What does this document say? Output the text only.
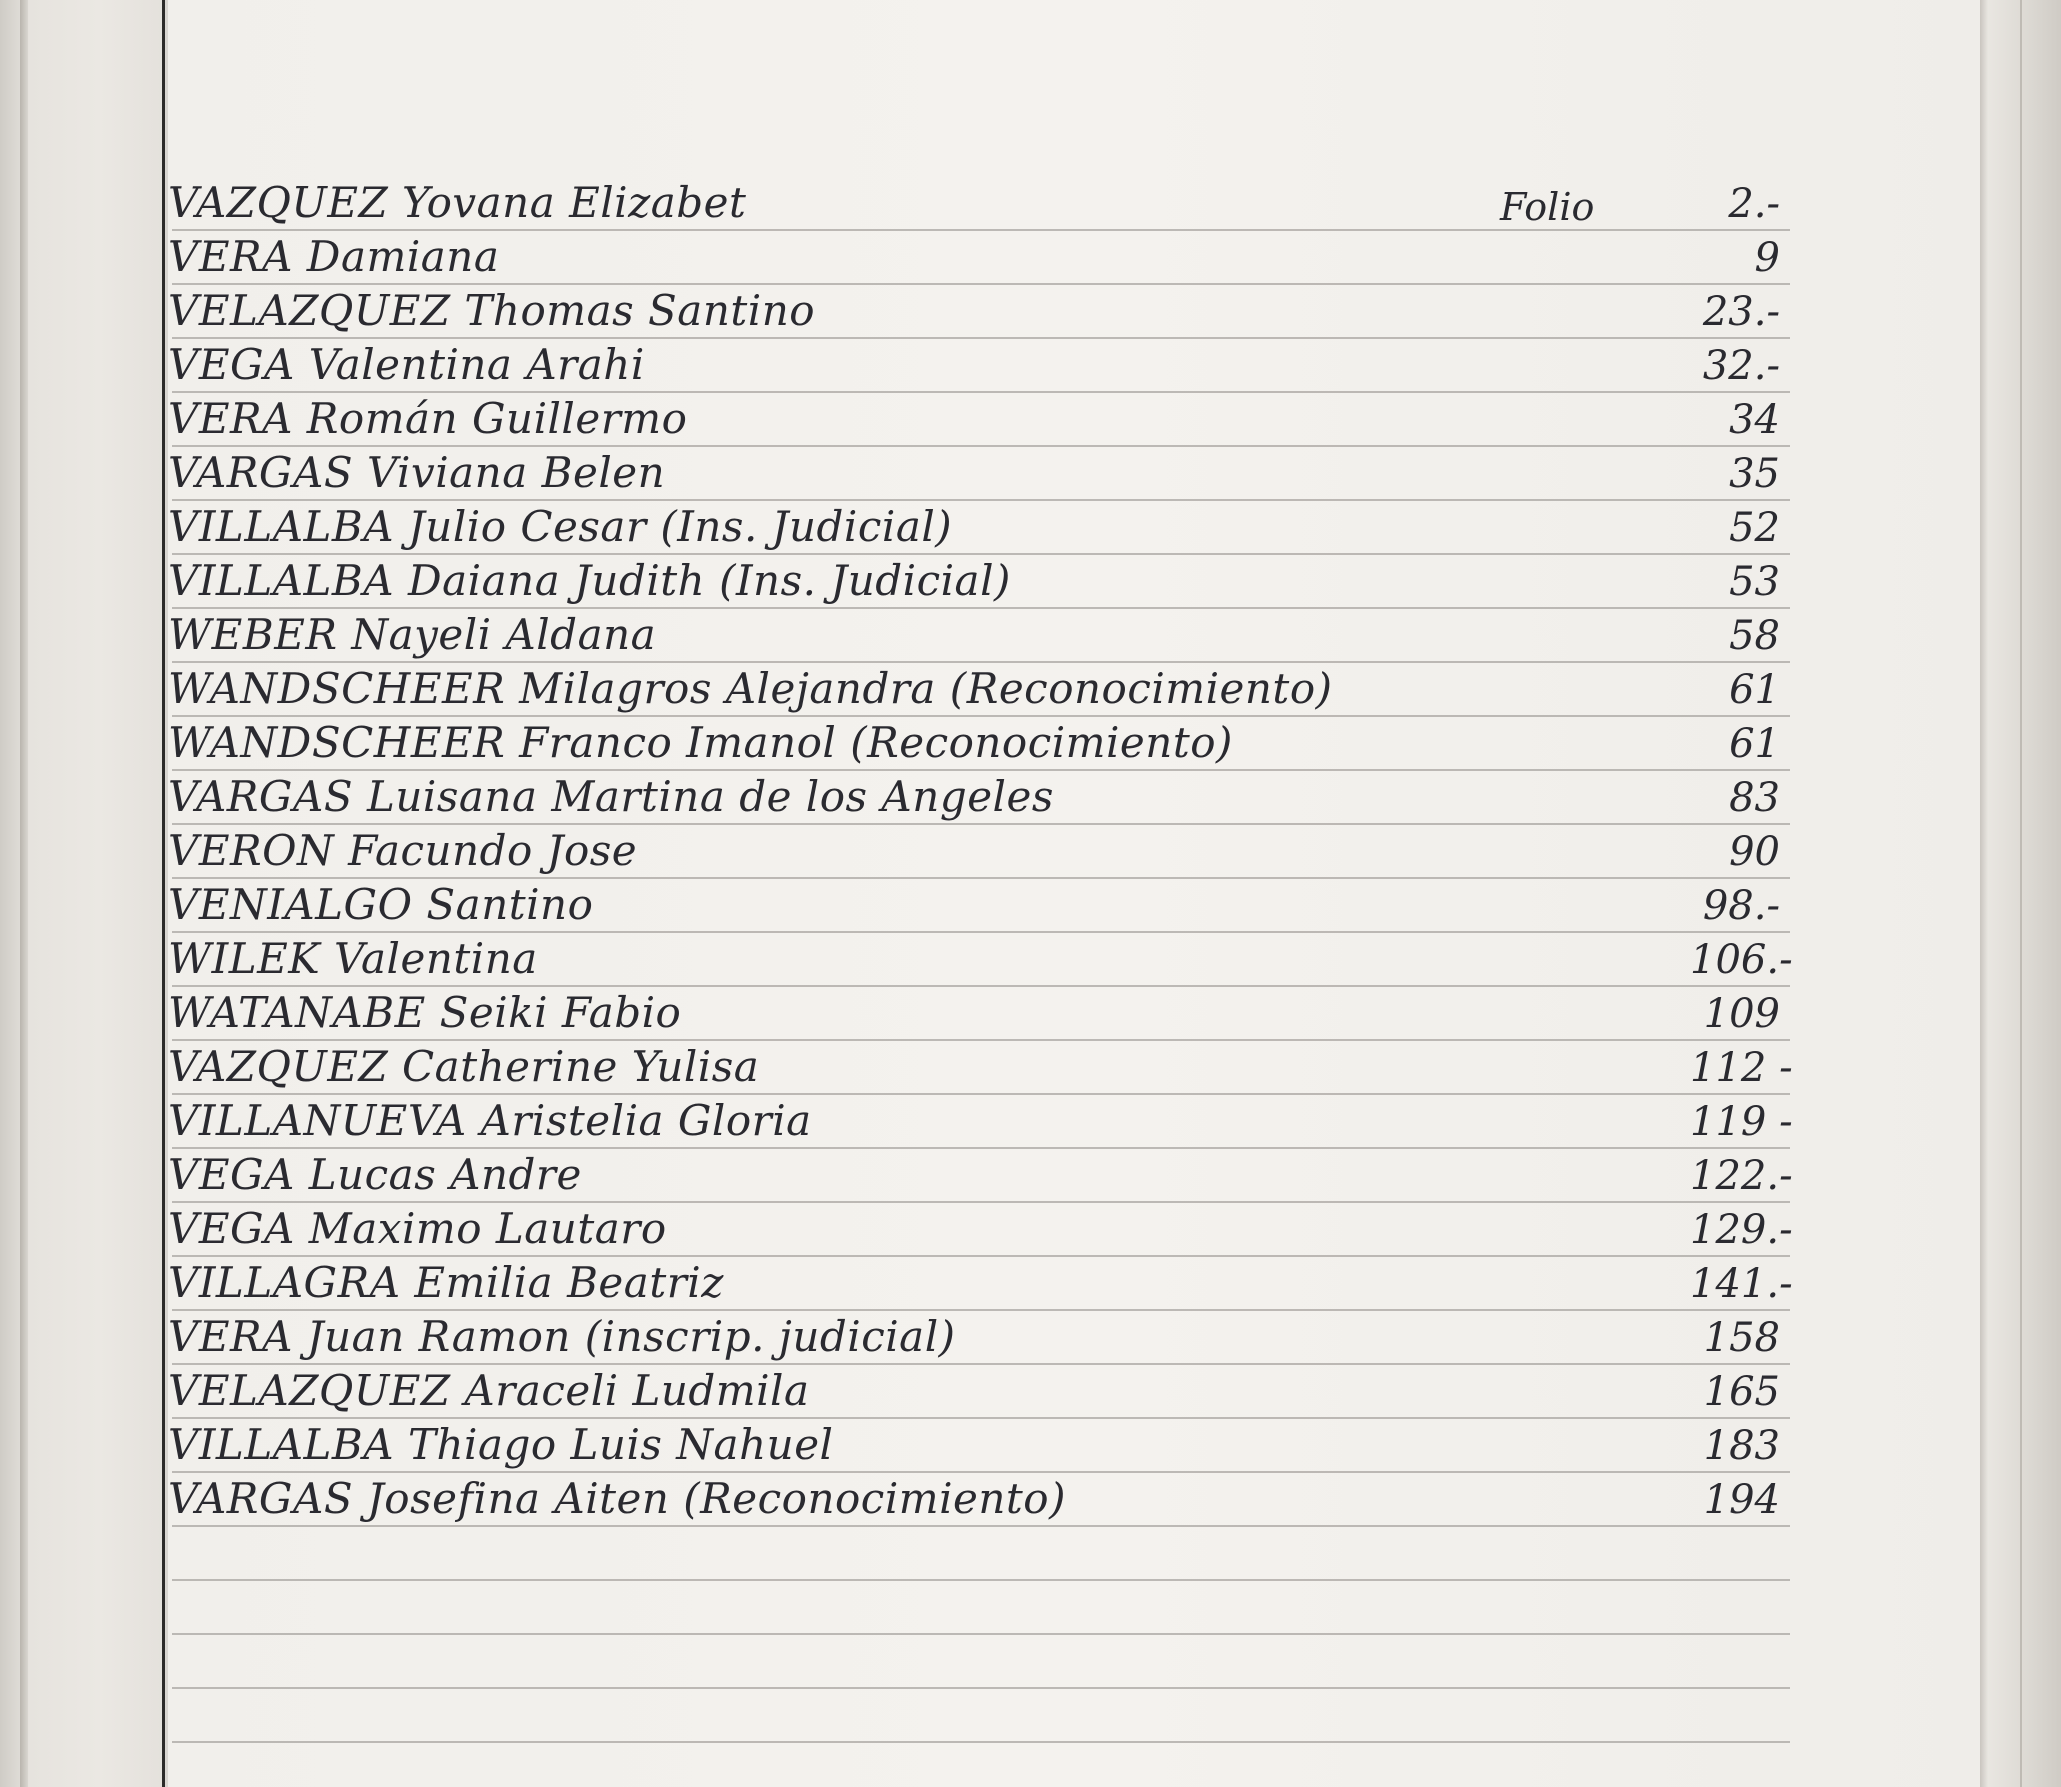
Folio
VAZQUEZ Yovana Elizabet	2.-
VERA Damiana	9
VELAZQUEZ Thomas Santino	23.-
VEGA Valentina Arahi	32.-
VERA Román Guillermo	34
VARGAS Viviana Belen	35
VILLALBA Julio Cesar (Ins. Judicial)	52
VILLALBA Daiana Judith (Ins. Judicial)	53
WEBER Nayeli Aldana	58
WANDSCHEER Milagros Alejandra (Reconocimiento)	61
WANDSCHEER Franco Imanol (Reconocimiento)	61
VARGAS Luisana Martina de los Angeles	83
VERON Facundo Jose	90
VENIALGO Santino	98.-
WILEK Valentina	106.-
WATANABE Seiki Fabio	109
VAZQUEZ Catherine Yulisa	112 -
VILLANUEVA Aristelia Gloria	119 -
VEGA Lucas Andre	122.-
VEGA Maximo Lautaro	129.-
VILLAGRA Emilia Beatriz	141.-
VERA Juan Ramon (inscrip. judicial)	158
VELAZQUEZ Araceli Ludmila	165
VILLALBA Thiago Luis Nahuel	183
VARGAS Josefina Aiten (Reconocimiento)	194
